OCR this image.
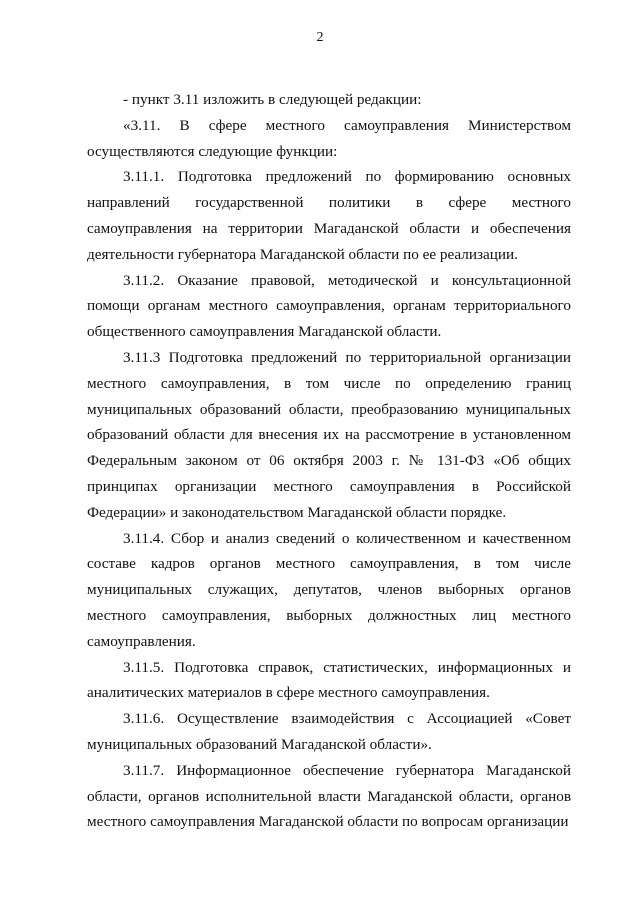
2

- пункт 3.11 изложить в следующей редакции:

«3.11. В сфере местного самоуправления Министерством осуществляются следующие функции:

3.11.1. Подготовка предложений по формированию основных направлений государственной политики в сфере местного самоуправления на территории Магаданской области и обеспечения деятельности губернатора Магаданской области по ее реализации.

3.11.2. Оказание правовой, методической и консультационной помощи органам местного самоуправления, органам территориального общественного самоуправления Магаданской области.

3.11.3 Подготовка предложений по территориальной организации местного самоуправления, в том числе по определению границ муниципальных образований области, преобразованию муниципальных образований области для внесения их на рассмотрение в установленном Федеральным законом от 06 октября 2003 г. № 131-ФЗ «Об общих принципах организации местного самоуправления в Российской Федерации» и законодательством Магаданской области порядке.

3.11.4. Сбор и анализ сведений о количественном и качественном составе кадров органов местного самоуправления, в том числе муниципальных служащих, депутатов, членов выборных органов местного самоуправления, выборных должностных лиц местного самоуправления.

3.11.5. Подготовка справок, статистических, информационных и аналитических материалов в сфере местного самоуправления.

3.11.6. Осуществление взаимодействия с Ассоциацией «Совет муниципальных образований Магаданской области».

3.11.7. Информационное обеспечение губернатора Магаданской области, органов исполнительной власти Магаданской области, органов местного самоуправления Магаданской области по вопросам организации
